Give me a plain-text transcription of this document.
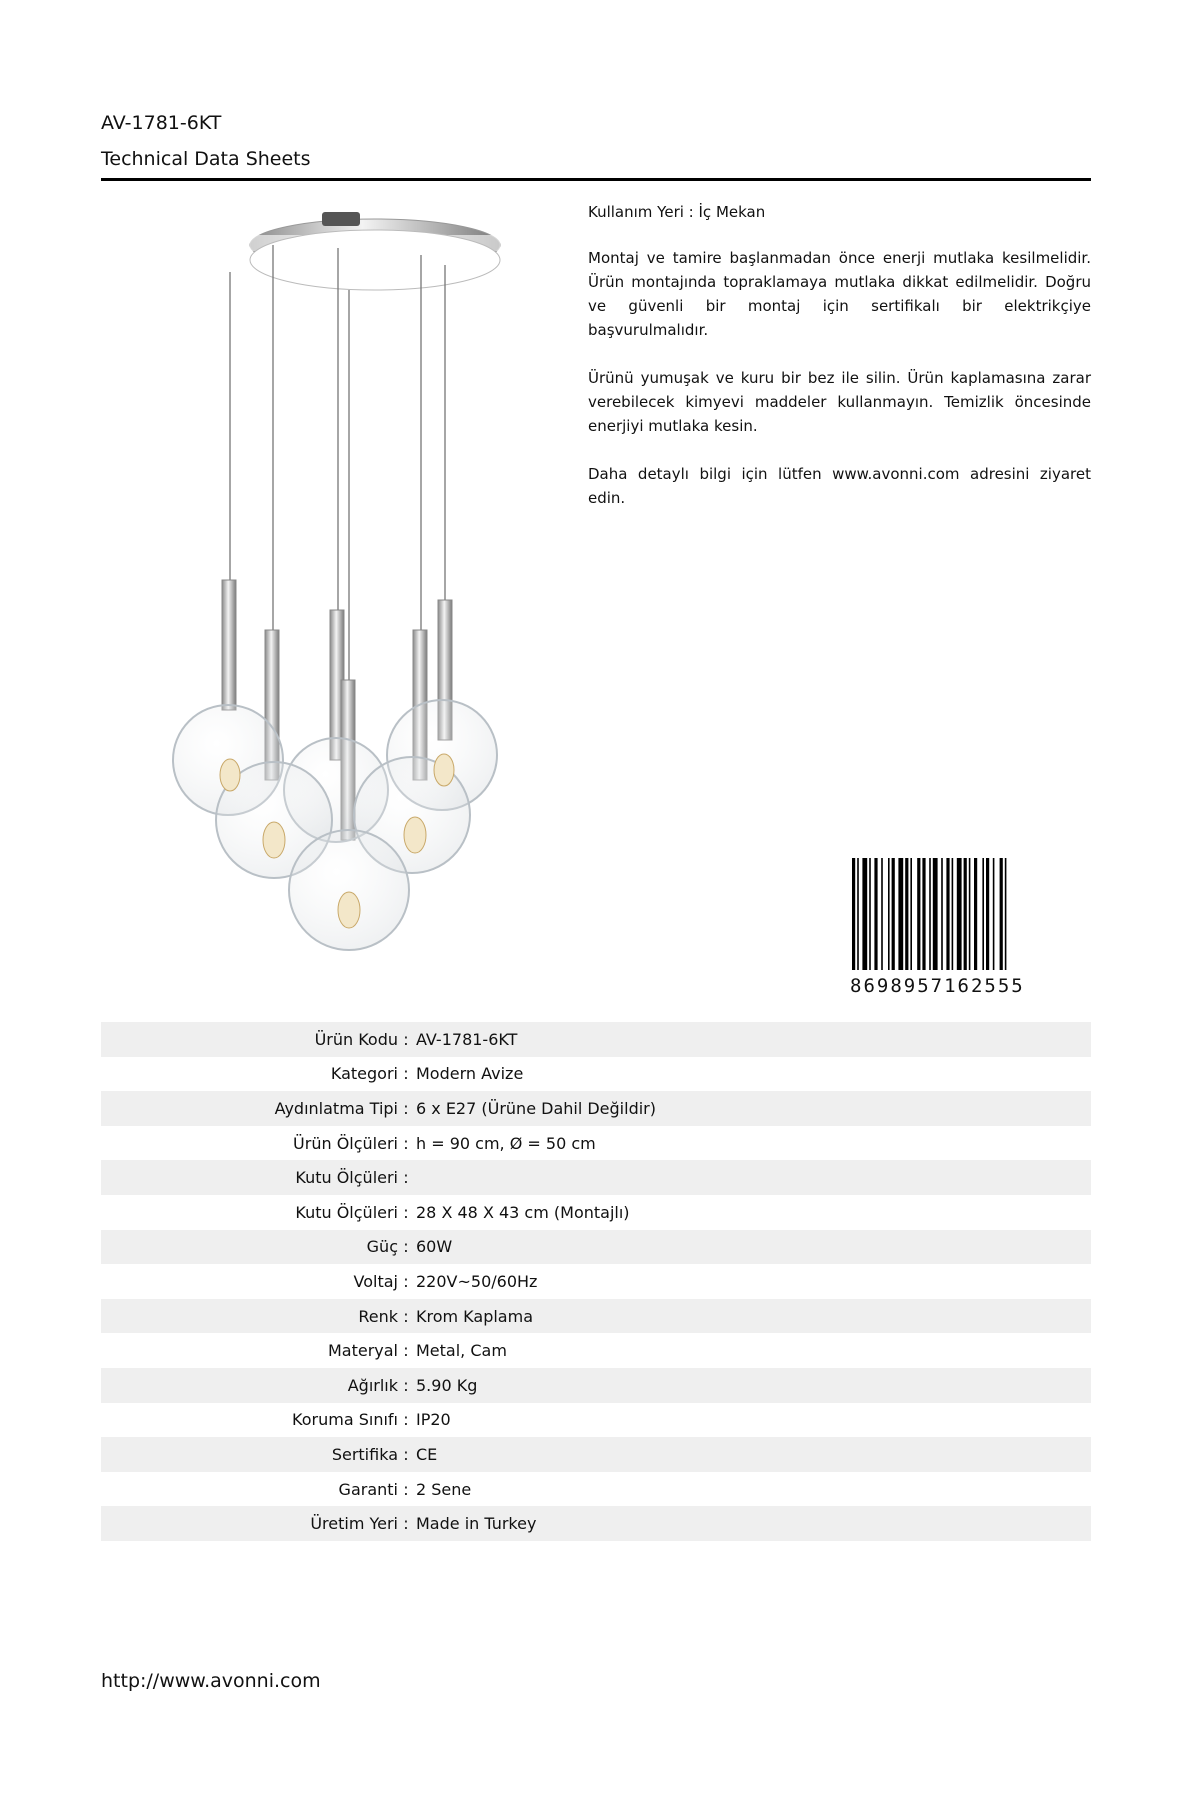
AV-1781-6KT
Technical Data Sheets

Kullanım Yeri : İç Mekan

Montaj ve tamire başlanmadan önce enerji mutlaka kesilmelidir. Ürün montajında topraklamaya mutlaka dikkat edilmelidir. Doğru ve güvenli bir montaj için sertifikalı bir elektrikçiye başvurulmalıdır.

Ürünü yumuşak ve kuru bir bez ile silin. Ürün kaplamasına zarar verebilecek kimyevi maddeler kullanmayın. Temizlik öncesinde enerjiyi mutlaka kesin.

Daha detaylı bilgi için lütfen www.avonni.com adresini ziyaret edin.

8698957162555
Ürün Kodu : AV-1781-6KT
Kategori : Modern Avize
Aydınlatma Tipi : 6 x E27 (Ürüne Dahil Değildir)
Ürün Ölçüleri : h = 90 cm, Ø = 50 cm
Kutu Ölçüleri :
Kutu Ölçüleri : 28 X 48 X 43 cm (Montajlı)
Güç : 60W
Voltaj : 220V~50/60Hz
Renk : Krom Kaplama
Materyal : Metal, Cam
Ağırlık : 5.90 Kg
Koruma Sınıfı : IP20
Sertifika : CE
Garanti : 2 Sene
Üretim Yeri : Made in Turkey
http://www.avonni.com
